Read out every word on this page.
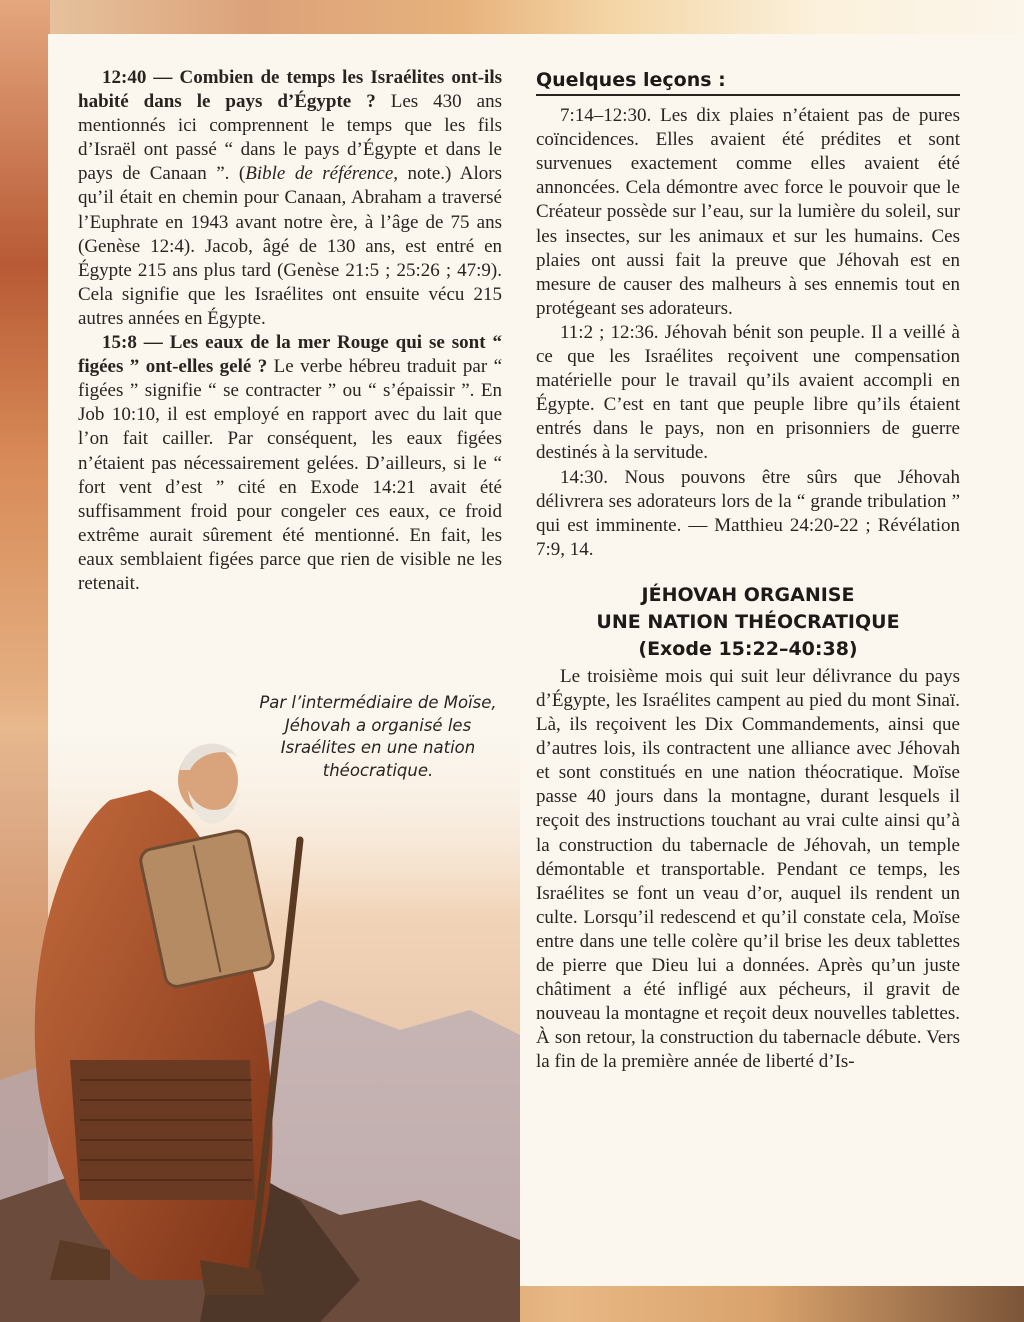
12:40 — Combien de temps les Israélites ont-ils habité dans le pays d’Égypte ? Les 430 ans mentionnés ici comprennent le temps que les fils d’Israël ont passé “ dans le pays d’Égypte et dans le pays de Canaan ”. (Bible de référence, note.) Alors qu’il était en chemin pour Canaan, Abraham a traversé l’Euphrate en 1943 avant notre ère, à l’âge de 75 ans (Genèse 12:4). Jacob, âgé de 130 ans, est entré en Égypte 215 ans plus tard (Genèse 21:5 ; 25:26 ; 47:9). Cela signifie que les Israélites ont ensuite vécu 215 autres années en Égypte.

15:8 — Les eaux de la mer Rouge qui se sont “ figées ” ont-elles gelé ? Le verbe hébreu traduit par “ figées ” signifie “ se contracter ” ou “ s’épaissir ”. En Job 10:10, il est employé en rapport avec du lait que l’on fait cailler. Par conséquent, les eaux figées n’étaient pas nécessairement gelées. D’ailleurs, si le “ fort vent d’est ” cité en Exode 14:21 avait été suffisamment froid pour congeler ces eaux, ce froid extrême aurait sûrement été mentionné. En fait, les eaux semblaient figées parce que rien de visible ne les retenait.

Par l’intermédiaire de Moïse, Jéhovah a organisé les Israélites en une nation théocratique.
Quelques leçons :

7:14–12:30. Les dix plaies n’étaient pas de pures coïncidences. Elles avaient été prédites et sont survenues exactement comme elles avaient été annoncées. Cela démontre avec force le pouvoir que le Créateur possède sur l’eau, sur la lumière du soleil, sur les insectes, sur les animaux et sur les humains. Ces plaies ont aussi fait la preuve que Jéhovah est en mesure de causer des malheurs à ses ennemis tout en protégeant ses adorateurs.

11:2 ; 12:36. Jéhovah bénit son peuple. Il a veillé à ce que les Israélites reçoivent une compensation matérielle pour le travail qu’ils avaient accompli en Égypte. C’est en tant que peuple libre qu’ils étaient entrés dans le pays, non en prisonniers de guerre destinés à la servitude.

14:30. Nous pouvons être sûrs que Jéhovah délivrera ses adorateurs lors de la “ grande tribulation ” qui est imminente. — Matthieu 24:20-22 ; Révélation 7:9, 14.

JÉHOVAH ORGANISE
UNE NATION THÉOCRATIQUE
(Exode 15:22–40:38)

Le troisième mois qui suit leur délivrance du pays d’Égypte, les Israélites campent au pied du mont Sinaï. Là, ils reçoivent les Dix Commandements, ainsi que d’autres lois, ils contractent une alliance avec Jéhovah et sont constitués en une nation théocratique. Moïse passe 40 jours dans la montagne, durant lesquels il reçoit des instructions touchant au vrai culte ainsi qu’à la construction du tabernacle de Jéhovah, un temple démontable et transportable. Pendant ce temps, les Israélites se font un veau d’or, auquel ils rendent un culte. Lorsqu’il redescend et qu’il constate cela, Moïse entre dans une telle colère qu’il brise les deux tablettes de pierre que Dieu lui a données. Après qu’un juste châtiment a été infligé aux pécheurs, il gravit de nouveau la montagne et reçoit deux nouvelles tablettes. À son retour, la construction du tabernacle débute. Vers la fin de la première année de liberté d’Is-
